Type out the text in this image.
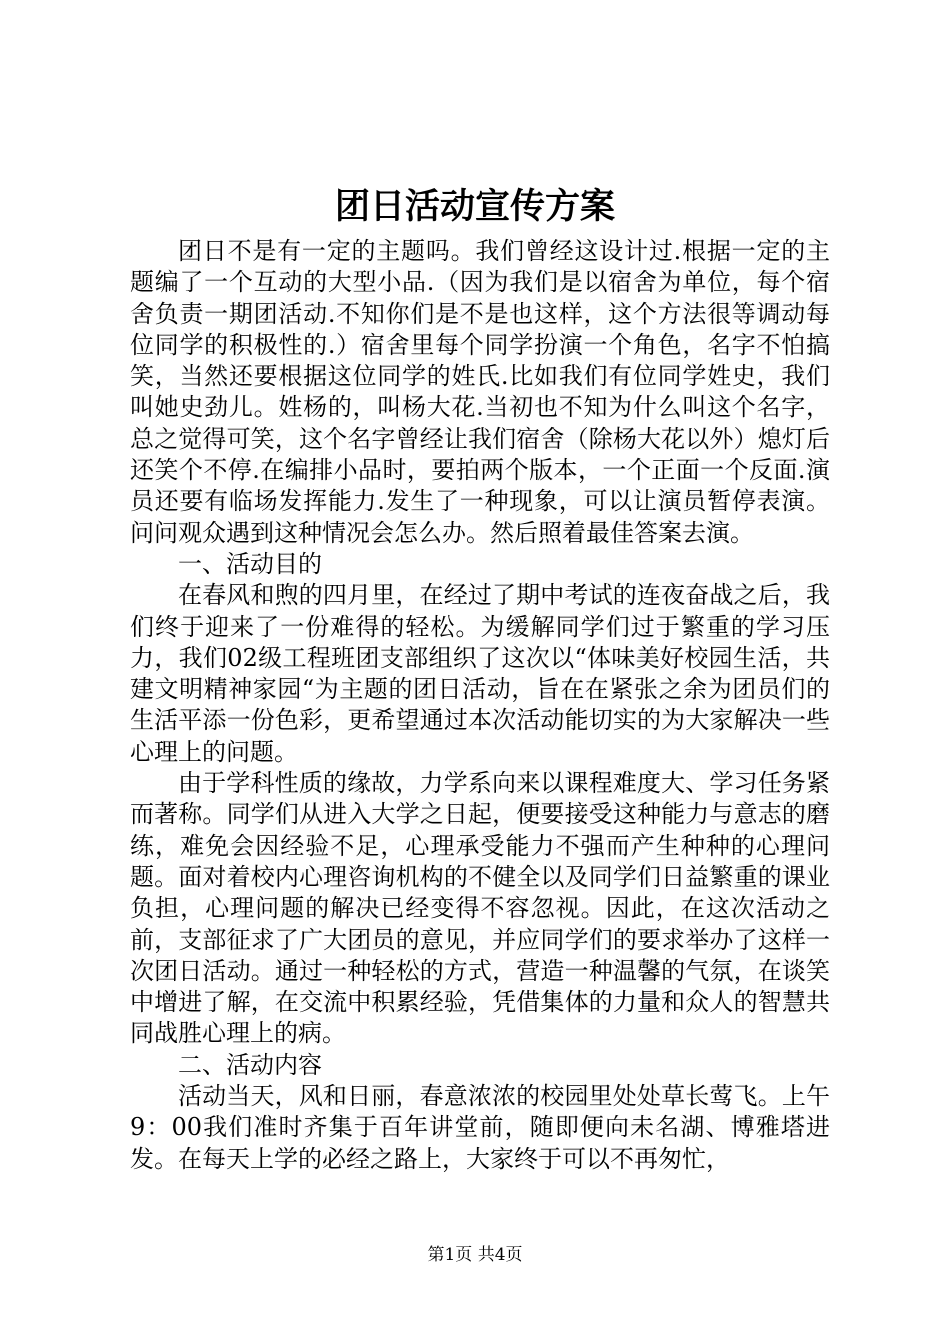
团日活动宣传方案

团日不是有一定的主题吗。我们曾经这设计过.根据一定的主题编了一个互动的大型小品.（因为我们是以宿舍为单位，每个宿舍负责一期团活动.不知你们是不是也这样，这个方法很等调动每位同学的积极性的.）宿舍里每个同学扮演一个角色，名字不怕搞笑，当然还要根据这位同学的姓氏.比如我们有位同学姓史，我们叫她史劲儿。姓杨的，叫杨大花.当初也不知为什么叫这个名字，总之觉得可笑，这个名字曾经让我们宿舍（除杨大花以外）熄灯后还笑个不停.在编排小品时，要拍两个版本，一个正面一个反面.演员还要有临场发挥能力.发生了一种现象，可以让演员暂停表演。问问观众遇到这种情况会怎么办。然后照着最佳答案去演。

一、活动目的

在春风和煦的四月里，在经过了期中考试的连夜奋战之后，我们终于迎来了一份难得的轻松。为缓解同学们过于繁重的学习压力，我们02级工程班团支部组织了这次以“体味美好校园生活，共建文明精神家园“为主题的团日活动，旨在在紧张之余为团员们的生活平添一份色彩，更希望通过本次活动能切实的为大家解决一些心理上的问题。

由于学科性质的缘故，力学系向来以课程难度大、学习任务紧而著称。同学们从进入大学之日起，便要接受这种能力与意志的磨练，难免会因经验不足，心理承受能力不强而产生种种的心理问题。面对着校内心理咨询机构的不健全以及同学们日益繁重的课业负担，心理问题的解决已经变得不容忽视。因此，在这次活动之前，支部征求了广大团员的意见，并应同学们的要求举办了这样一次团日活动。通过一种轻松的方式，营造一种温馨的气氛，在谈笑中增进了解，在交流中积累经验，凭借集体的力量和众人的智慧共同战胜心理上的病。

二、活动内容

活动当天，风和日丽，春意浓浓的校园里处处草长莺飞。上午9：00我们准时齐集于百年讲堂前，随即便向未名湖、博雅塔进发。在每天上学的必经之路上，大家终于可以不再匆忙，

第1页 共4页
